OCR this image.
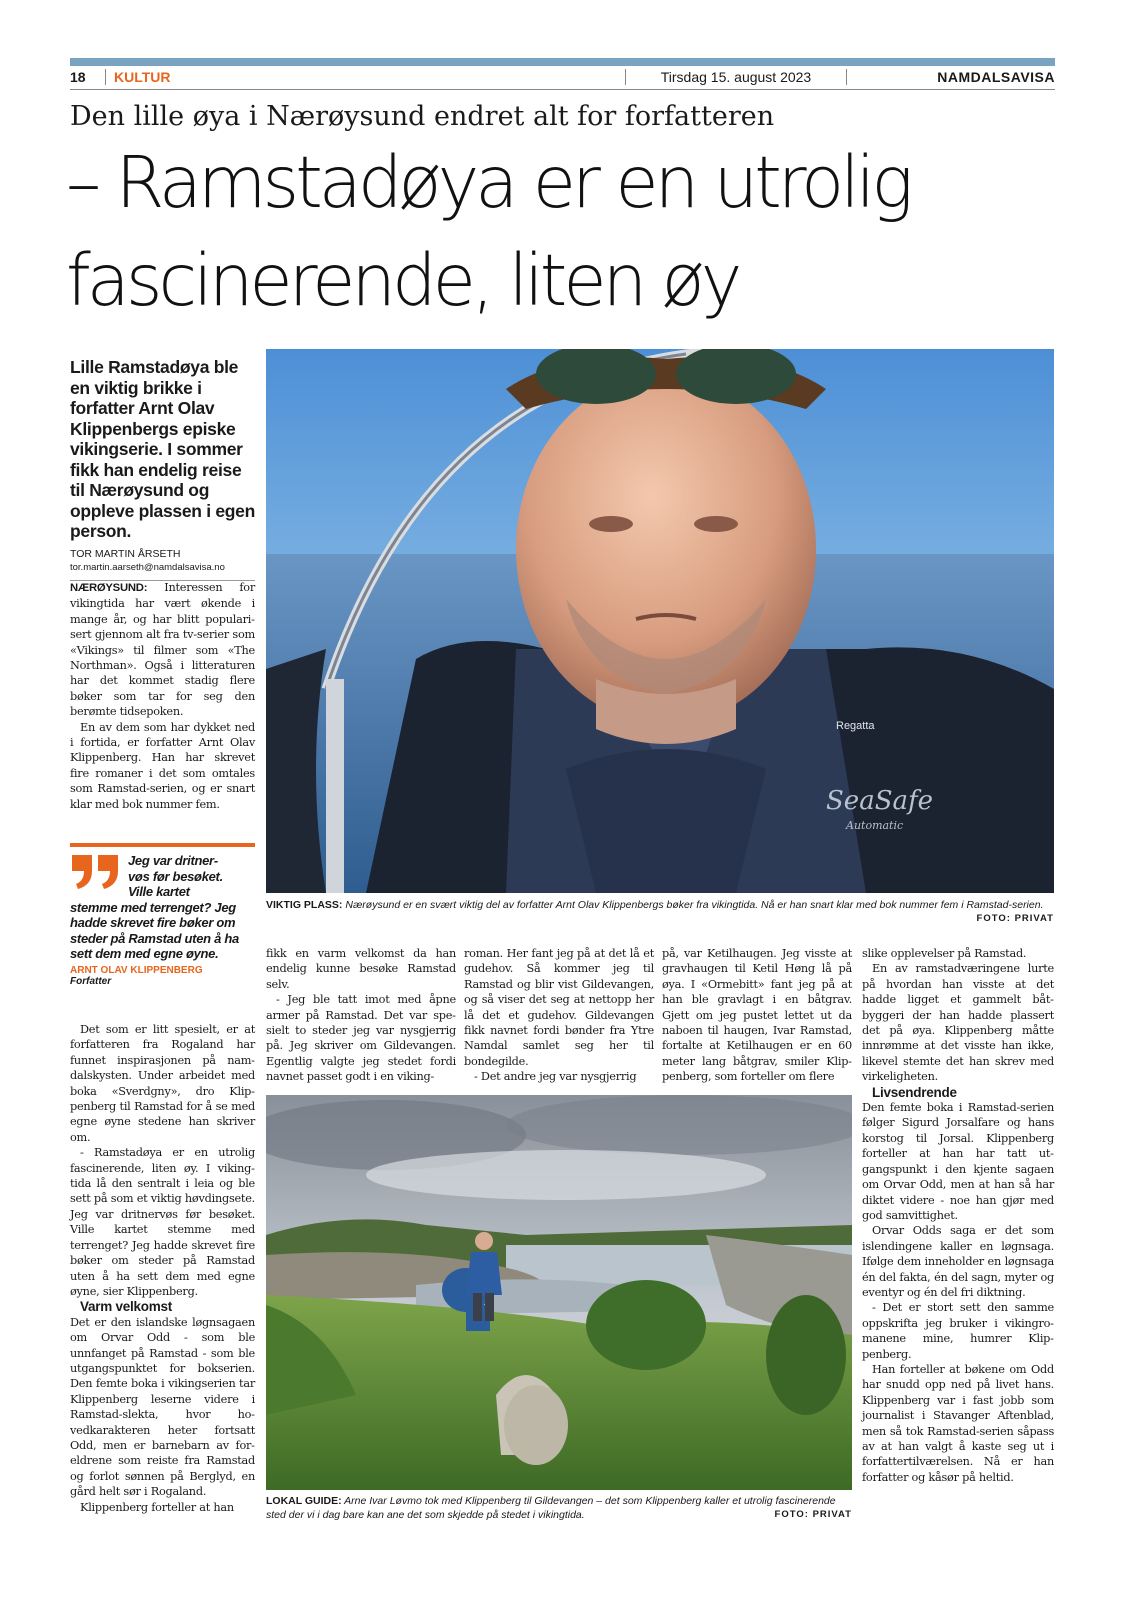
18	KULTUR	Tirsdag 15. august 2023	NAMDALSAVISA
Den lille øya i Nærøysund endret alt for forfatteren
– Ramstadøya er en utrolig
fascinerende, liten øy
Lille Ramstadøya ble en viktig brikke i forfatter Arnt Olav Klippenbergs episke vikingserie. I sommer fikk han endelig reise til Nærøysund og oppleve plassen i egen person.
TOR MARTIN ÅRSETH
tor.martin.aarseth@namdalsavisa.no

NÆRØYSUND: Interessen for vikingtida har vært økende i mange år, og har blitt popularisert gjennom alt fra tv-serier som «Vikings» til filmer som «The Northman». Også i litteraturen har det kommet stadig flere bøker som tar for seg den berømte tidsepoken.

En av dem som har dykket ned i fortida, er forfatter Arnt Olav Klippenberg. Han har skrevet fire romaner i det som omtales som Ramstad-serien, og er snart klar med bok nummer fem.

Jeg var dritner-
vøs før besøket.
Ville kartet
stemme med terrenget? Jeg hadde skrevet fire bøker om steder på Ramstad uten å ha sett dem med egne øyne.
ARNT OLAV KLIPPENBERG
Forfatter

Det som er litt spesielt, er at forfatteren fra Rogaland har funnet inspirasjonen på namdalskysten. Under arbeidet med boka «Sverdgny», dro Klippenberg til Ramstad for å se med egne øyne stedene han skriver om.

- Ramstadøya er en utrolig fascinerende, liten øy. I vikingtida lå den sentralt i leia og ble sett på som et viktig høvdingsete. Jeg var dritnervøs før besøket. Ville kartet stemme med terrenget? Jeg hadde skrevet fire bøker om steder på Ramstad uten å ha sett dem med egne øyne, sier Klippenberg.

Varm velkomst

Det er den islandske løgnsagaen om Orvar Odd - som ble unnfanget på Ramstad - som ble utgangspunktet for bokserien. Den femte boka i vikingserien tar Klippenberg leserne videre i Ramstad-slekta, hvor hovedkarakteren heter fortsatt Odd, men er barnebarn av foreldrene som reiste fra Ramstad og forlot sønnen på Berglyd, en gård helt sør i Rogaland.

Klippenberg forteller at han

Regatta
SeaSafe
Automatic
VIKTIG PLASS: Nærøysund er en svært viktig del av forfatter Arnt Olav Klippenbergs bøker fra vikingtida. Nå er han snart klar med bok nummer fem i Ramstad-serien.
FOTO: PRIVAT

fikk en varm velkomst da han endelig kunne besøke Ramstad selv.

- Jeg ble tatt imot med åpne armer på Ramstad. Det var spesielt to steder jeg var nysgjerrig på. Jeg skriver om Gildevangen. Egentlig valgte jeg stedet fordi navnet passet godt i en viking-

roman. Her fant jeg på at det lå et gudehov. Så kommer jeg til Ramstad og blir vist Gildevangen, og så viser det seg at nettopp her lå det et gudehov. Gildevangen fikk navnet fordi bønder fra Ytre Namdal samlet seg her til bondegilde.

- Det andre jeg var nysgjerrig

på, var Ketilhaugen. Jeg visste at gravhaugen til Ketil Høng lå på øya. I «Ormebitt» fant jeg på at han ble gravlagt i en båtgrav. Gjett om jeg pustet lettet ut da naboen til haugen, Ivar Ramstad, fortalte at Ketilhaugen er en 60 meter lang båtgrav, smiler Klippenberg, som forteller om flere

LOKAL GUIDE: Arne Ivar Løvmo tok med Klippenberg til Gildevangen – det som Klippenberg kaller et utrolig fascinerende sted der vi i dag bare kan ane det som skjedde på stedet i vikingtida.	FOTO: PRIVAT

slike opplevelser på Ramstad.

En av ramstadværingene lurte på hvordan han visste at det hadde ligget et gammelt båtbyggeri der han hadde plassert det på øya. Klippenberg måtte innrømme at det visste han ikke, likevel stemte det han skrev med virkeligheten.

Livsendrende

Den femte boka i Ramstad-serien følger Sigurd Jorsalfare og hans korstog til Jorsal. Klippenberg forteller at han har tatt utgangspunkt i den kjente sagaen om Orvar Odd, men at han så har diktet videre - noe han gjør med god samvittighet.

Orvar Odds saga er det som islendingene kaller en løgnsaga. Ifølge dem inneholder en løgnsaga én del fakta, én del sagn, myter og eventyr og én del fri diktning.

- Det er stort sett den samme oppskrifta jeg bruker i vikingromanene mine, humrer Klippenberg.

Han forteller at bøkene om Odd har snudd opp ned på livet hans. Klippenberg var i fast jobb som journalist i Stavanger Aftenblad, men så tok Ramstad-serien såpass av at han valgt å kaste seg ut i forfattertilværelsen. Nå er han forfatter og kåsør på heltid.
